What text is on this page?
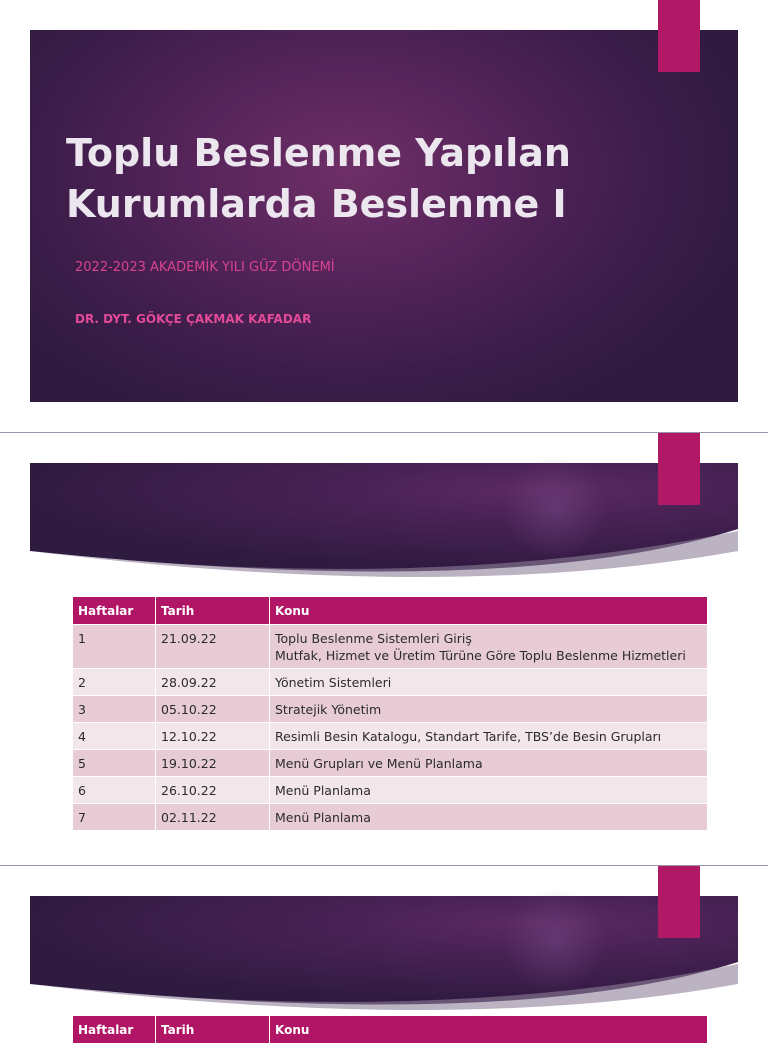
Toplu Beslenme Yapılan
Kurumlarda Beslenme I
2022-2023 AKADEMİK YILI GÜZ DÖNEMİ
DR. DYT. GÖKÇE ÇAKMAK KAFADAR
Haftalar	Tarih	Konu
1	21.09.22	Toplu Beslenme Sistemleri Giriş
Mutfak, Hizmet ve Üretim Türüne Göre Toplu Beslenme Hizmetleri

2	28.09.22	Yönetim Sistemleri

3	05.10.22	Stratejik Yönetim

4	12.10.22	Resimli Besin Katalogu, Standart Tarife, TBS’de Besin Grupları

5	19.10.22	Menü Grupları ve Menü Planlama

6	26.10.22	Menü Planlama

7	02.11.22	Menü Planlama
Haftalar	Tarih	Konu
